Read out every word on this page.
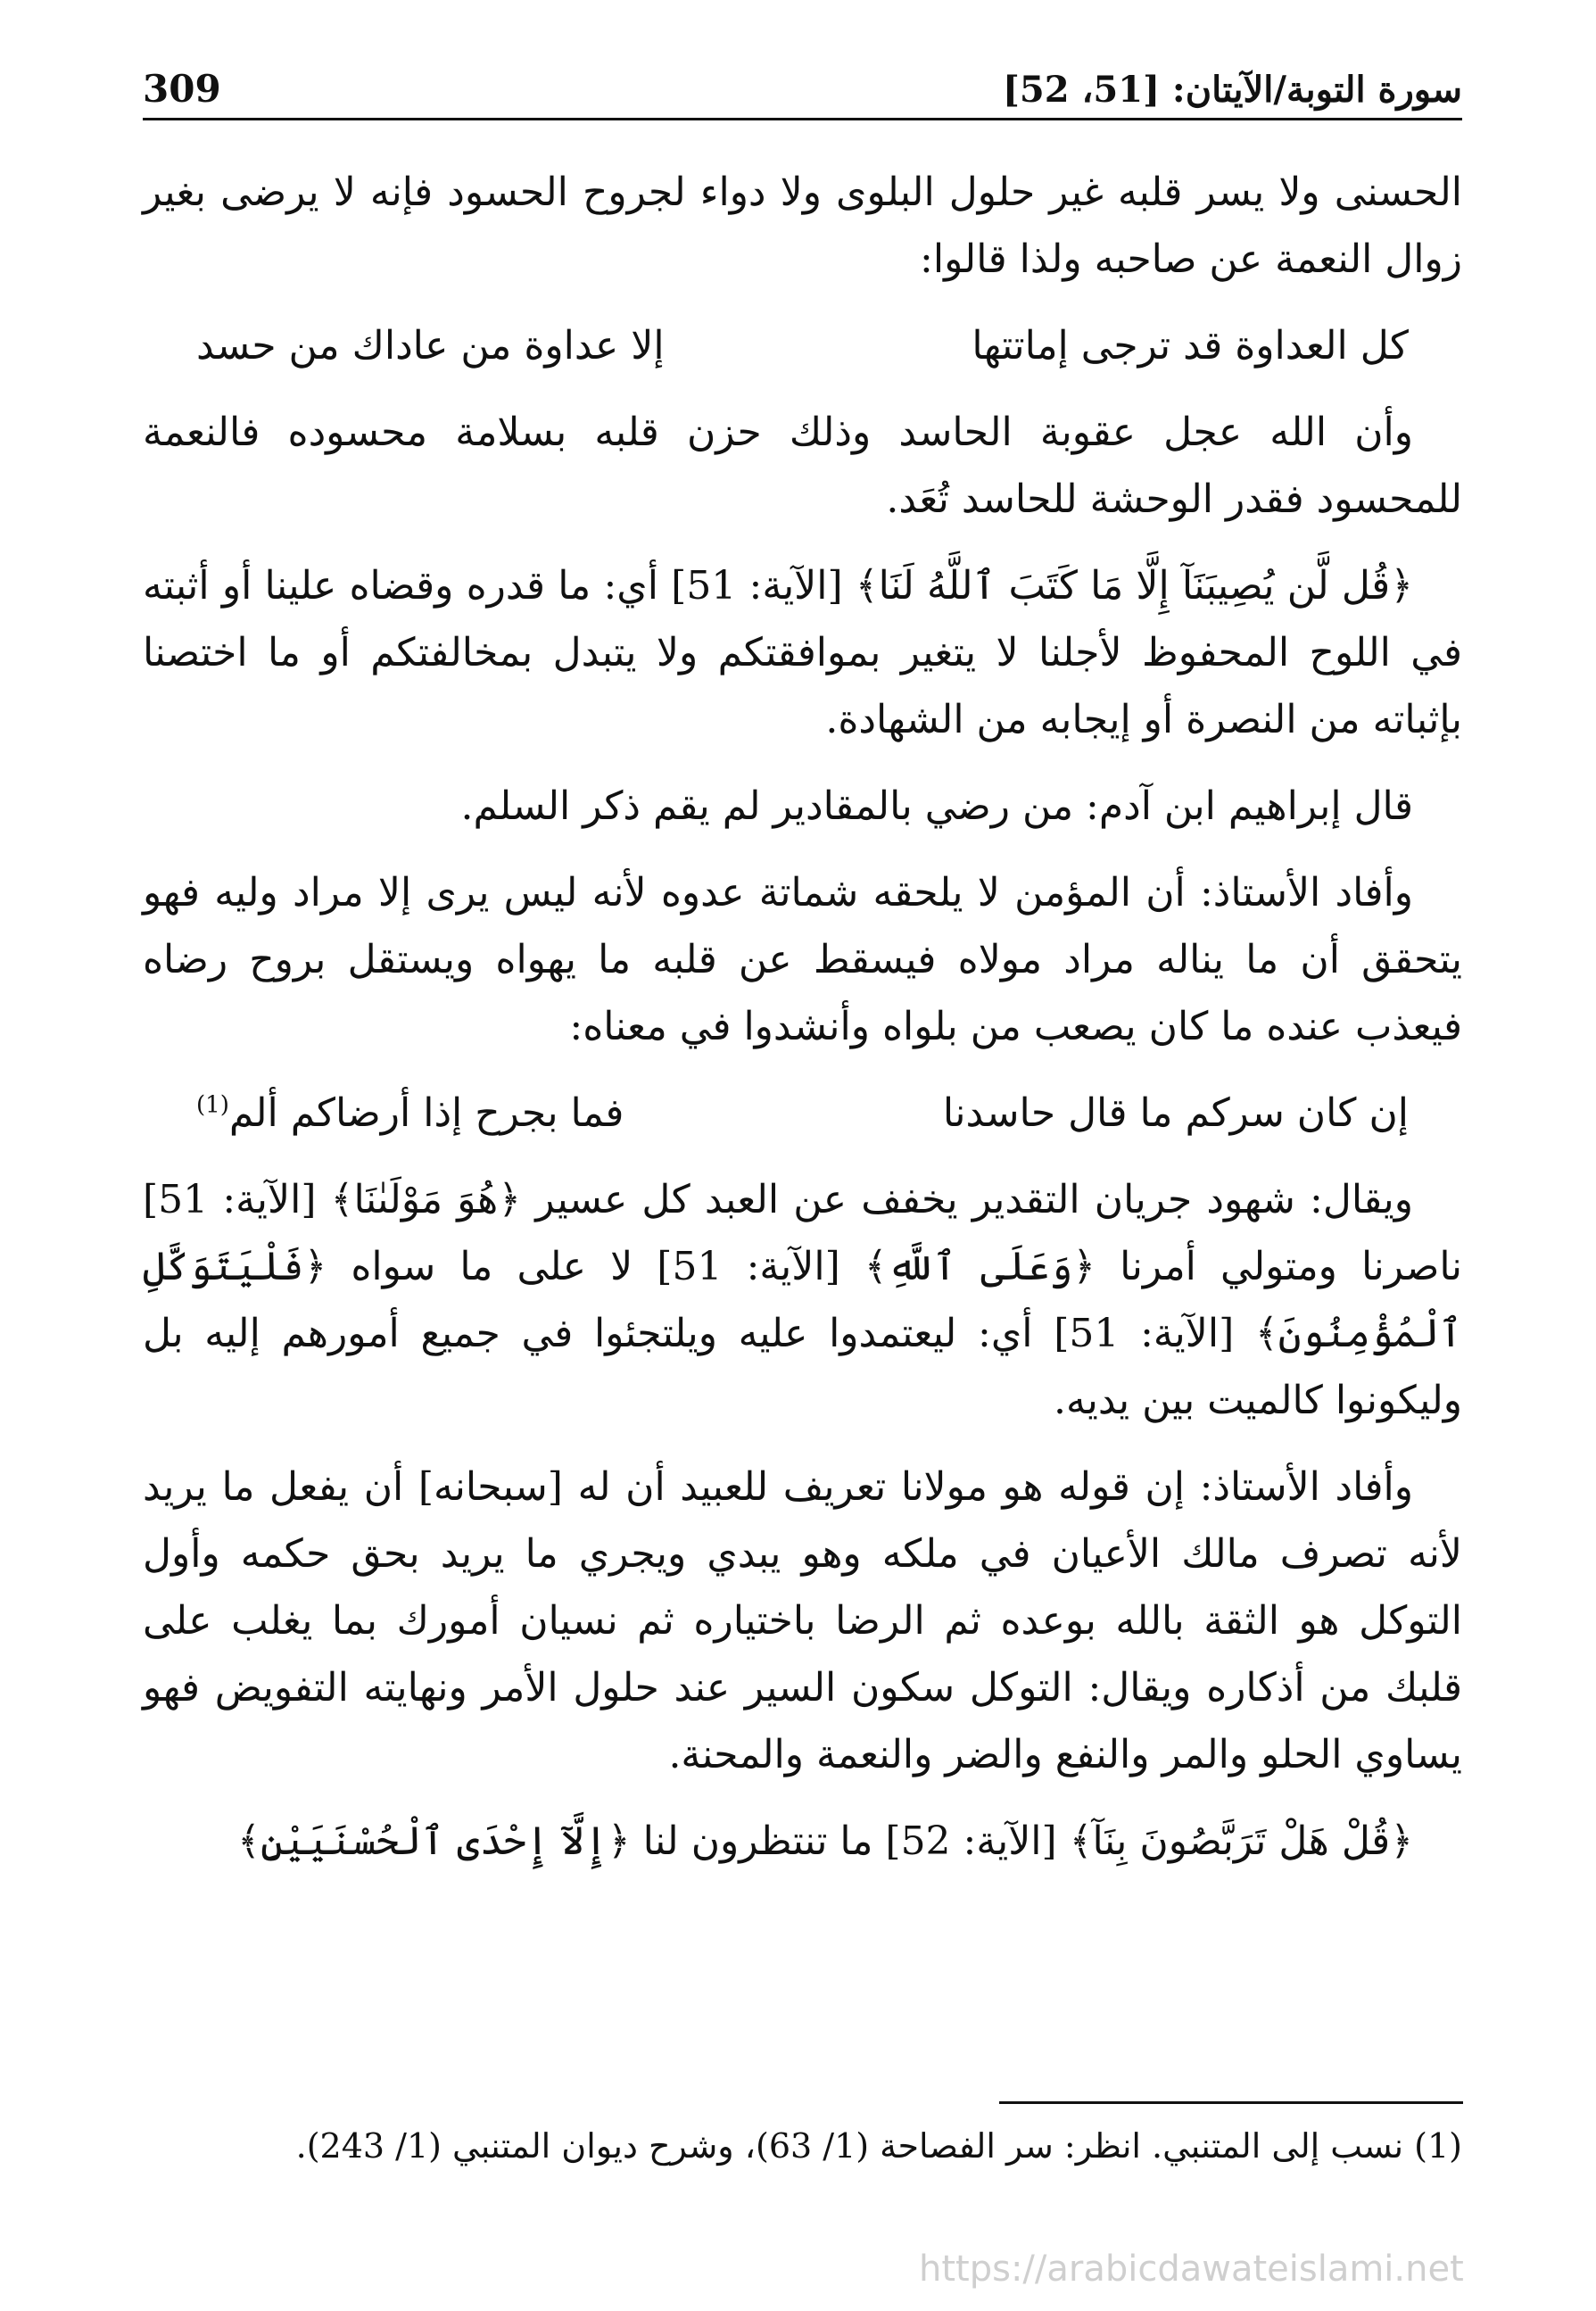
سورة التوبة/الآيتان: [51، 52]
309

الحسنى ولا يسر قلبه غير حلول البلوى ولا دواء لجروح الحسود فإنه لا يرضى بغير زوال النعمة عن صاحبه ولذا قالوا:

كل العداوة قد ترجى إماتتها
إلا عداوة من عاداك من حسد

وأن الله عجل عقوبة الحاسد وذلك حزن قلبه بسلامة محسوده فالنعمة للمحسود فقدر الوحشة للحاسد تُعَد.

﴿قُل لَّن يُصِيبَنَآ إِلَّا مَا كَتَبَ ٱللَّهُ لَنَا﴾ [الآية: 51] أي: ما قدره وقضاه علينا أو أثبته في اللوح المحفوظ لأجلنا لا يتغير بموافقتكم ولا يتبدل بمخالفتكم أو ما اختصنا بإثباته من النصرة أو إيجابه من الشهادة.

قال إبراهيم ابن آدم: من رضي بالمقادير لم يقم ذكر السلم.

وأفاد الأستاذ: أن المؤمن لا يلحقه شماتة عدوه لأنه ليس يرى إلا مراد وليه فهو يتحقق أن ما يناله مراد مولاه فيسقط عن قلبه ما يهواه ويستقل بروح رضاه فيعذب عنده ما كان يصعب من بلواه وأنشدوا في معناه:

إن كان سركم ما قال حاسدنا
فما بجرح إذا أرضاكم ألم$^{(1)}$

ويقال: شهود جريان التقدير يخفف عن العبد كل عسير ﴿هُوَ مَوْلَىٰنَا﴾ [الآية: 51] ناصرنا ومتولي أمرنا ﴿وَعَلَى ٱللَّهِ﴾ [الآية: 51] لا على ما سواه ﴿فَلْيَتَوَكَّلِ ٱلْمُؤْمِنُونَ﴾ [الآية: 51] أي: ليعتمدوا عليه ويلتجئوا في جميع أمورهم إليه بل وليكونوا كالميت بين يديه.

وأفاد الأستاذ: إن قوله هو مولانا تعريف للعبيد أن له [سبحانه] أن يفعل ما يريد لأنه تصرف مالك الأعيان في ملكه وهو يبدي ويجري ما يريد بحق حكمه وأول التوكل هو الثقة بالله بوعده ثم الرضا باختياره ثم نسيان أمورك بما يغلب على قلبك من أذكاره ويقال: التوكل سكون السير عند حلول الأمر ونهايته التفويض فهو يساوي الحلو والمر والنفع والضر والنعمة والمحنة.

﴿قُلْ هَلْ تَرَبَّصُونَ بِنَآ﴾ [الآية: 52] ما تنتظرون لنا ﴿إِلَّآ إِحْدَى ٱلْحُسْنَيَيْنِ﴾

(1) نسب إلى المتنبي. انظر: سر الفصاحة (1/ 63)، وشرح ديوان المتنبي (1/ 243).
https://arabicdawateislami.net
